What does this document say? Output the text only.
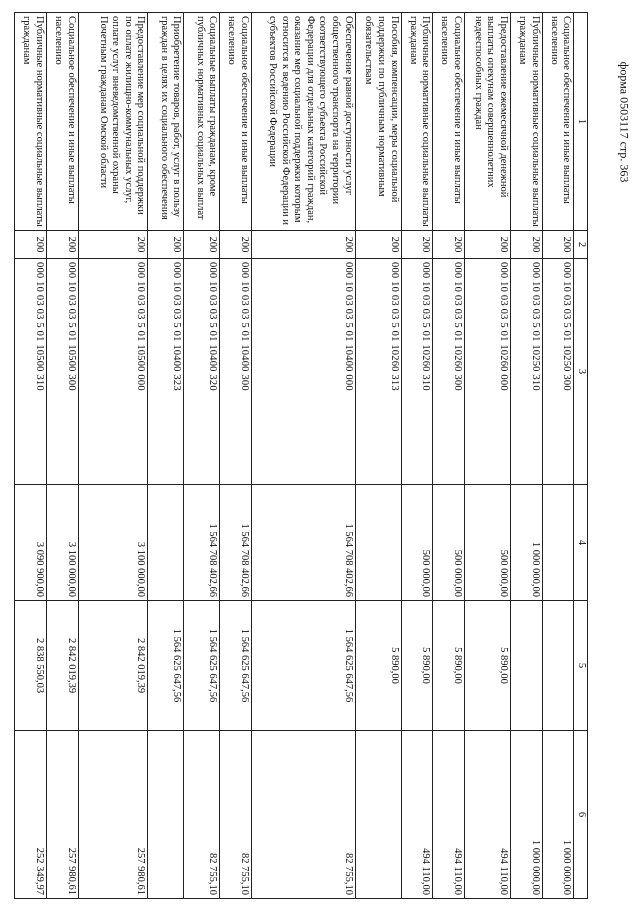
форма 0503117 стр. 363
1	2	3	4	5	6
Социальное обеспечение и иные выплаты населению	200	000 10 03 03 5 01 10250 300			1 000 000,00
Публичные нормативные социальные выплаты гражданам	200	000 10 03 03 5 01 10250 310	1 000 000,00		1 000 000,00
Предоставление ежемесячной денежной выплаты опекунам совершеннолетних недееспособных граждан	200	000 10 03 03 5 01 10260 000	500 000,00	5 890,00	494 110,00
Социальное обеспечение и иные выплаты населению	200	000 10 03 03 5 01 10260 300	500 000,00	5 890,00	494 110,00
Публичные нормативные социальные выплаты гражданам	200	000 10 03 03 5 01 10260 310	500 000,00	5 890,00	494 110,00
Пособия, компенсации, меры социальной поддержки по публичным нормативным обязательствам	200	000 10 03 03 5 01 10260 313		5 890,00	
Обеспечение равной доступности услуг общественного транспорта на территории соответствующего субъекта Российской Федерации для отдельных категорий граждан, оказание мер социальной поддержки которым относится к ведению Российской Федерации и субъектов Российской Федерации	200	000 10 03 03 5 01 10400 000	1 564 708 402,66	1 564 625 647,56	82 755,10
Социальное обеспечение и иные выплаты населению	200	000 10 03 03 5 01 10400 300	1 564 708 402,66	1 564 625 647,56	82 755,10
Социальные выплаты гражданам, кроме публичных нормативных социальных выплат	200	000 10 03 03 5 01 10400 320	1 564 708 402,66	1 564 625 647,56	82 755,10
Приобретение товаров, работ, услуг в пользу граждан в целях их социального обеспечения	200	000 10 03 03 5 01 10400 323		1 564 625 647,56	
Предоставление мер социальной поддержки по оплате жилищно-коммунальных услуг, оплате услуг вневедомственной охраны Почетным гражданам Омской области	200	000 10 03 03 5 01 10500 000	3 100 000,00	2 842 019,39	257 980,61
Социальное обеспечение и иные выплаты населению	200	000 10 03 03 5 01 10500 300	3 100 000,00	2 842 019,39	257 980,61
Публичные нормативные социальные выплаты гражданам	200	000 10 03 03 5 01 10500 310	3 090 900,00	2 838 550,03	252 349,97
